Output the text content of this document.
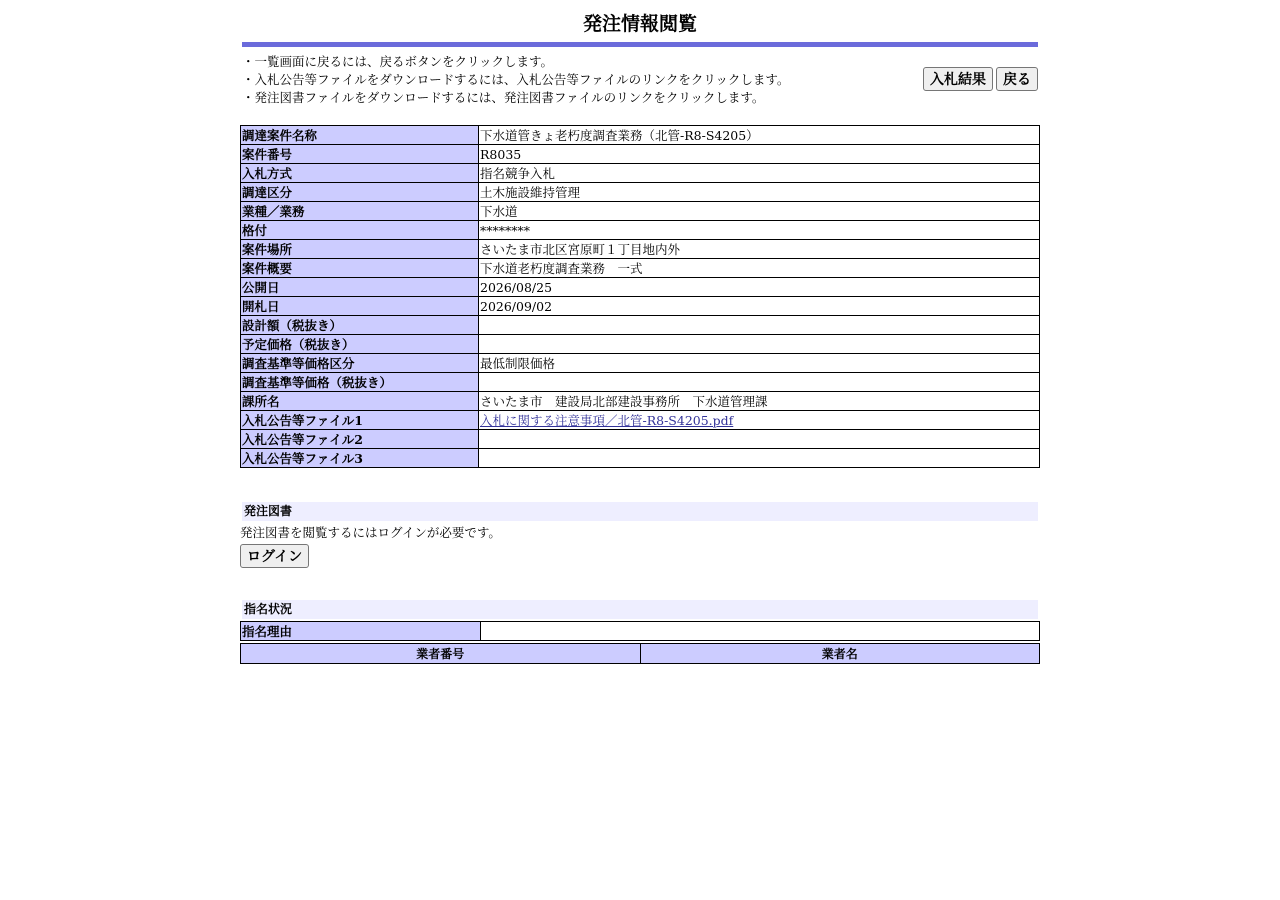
発注情報閲覧
・一覧画面に戻るには、戻るボタンをクリックします。
・入札公告等ファイルをダウンロードするには、入札公告等ファイルのリンクをクリックします。
・発注図書ファイルをダウンロードするには、発注図書ファイルのリンクをクリックします。
入札結果	戻る
調達案件名称	下水道管きょ老朽度調査業務（北管-R8-S4205）
案件番号	R8035
入札方式	指名競争入札
調達区分	土木施設維持管理
業種／業務	下水道
格付	********
案件場所	さいたま市北区宮原町１丁目地内外
案件概要	下水道老朽度調査業務　一式
公開日	2026/08/25
開札日	2026/09/02
設計額（税抜き）	
予定価格（税抜き）	
調査基準等価格区分	最低制限価格
調査基準等価格（税抜き）	
課所名	さいたま市　建設局北部建設事務所　下水道管理課
入札公告等ファイル1	入札に関する注意事項／北管-R8-S4205.pdf
入札公告等ファイル2	
入札公告等ファイル3	
発注図書
発注図書を閲覧するにはログインが必要です。
ログイン
指名状況
指名理由	
業者番号	業者名
